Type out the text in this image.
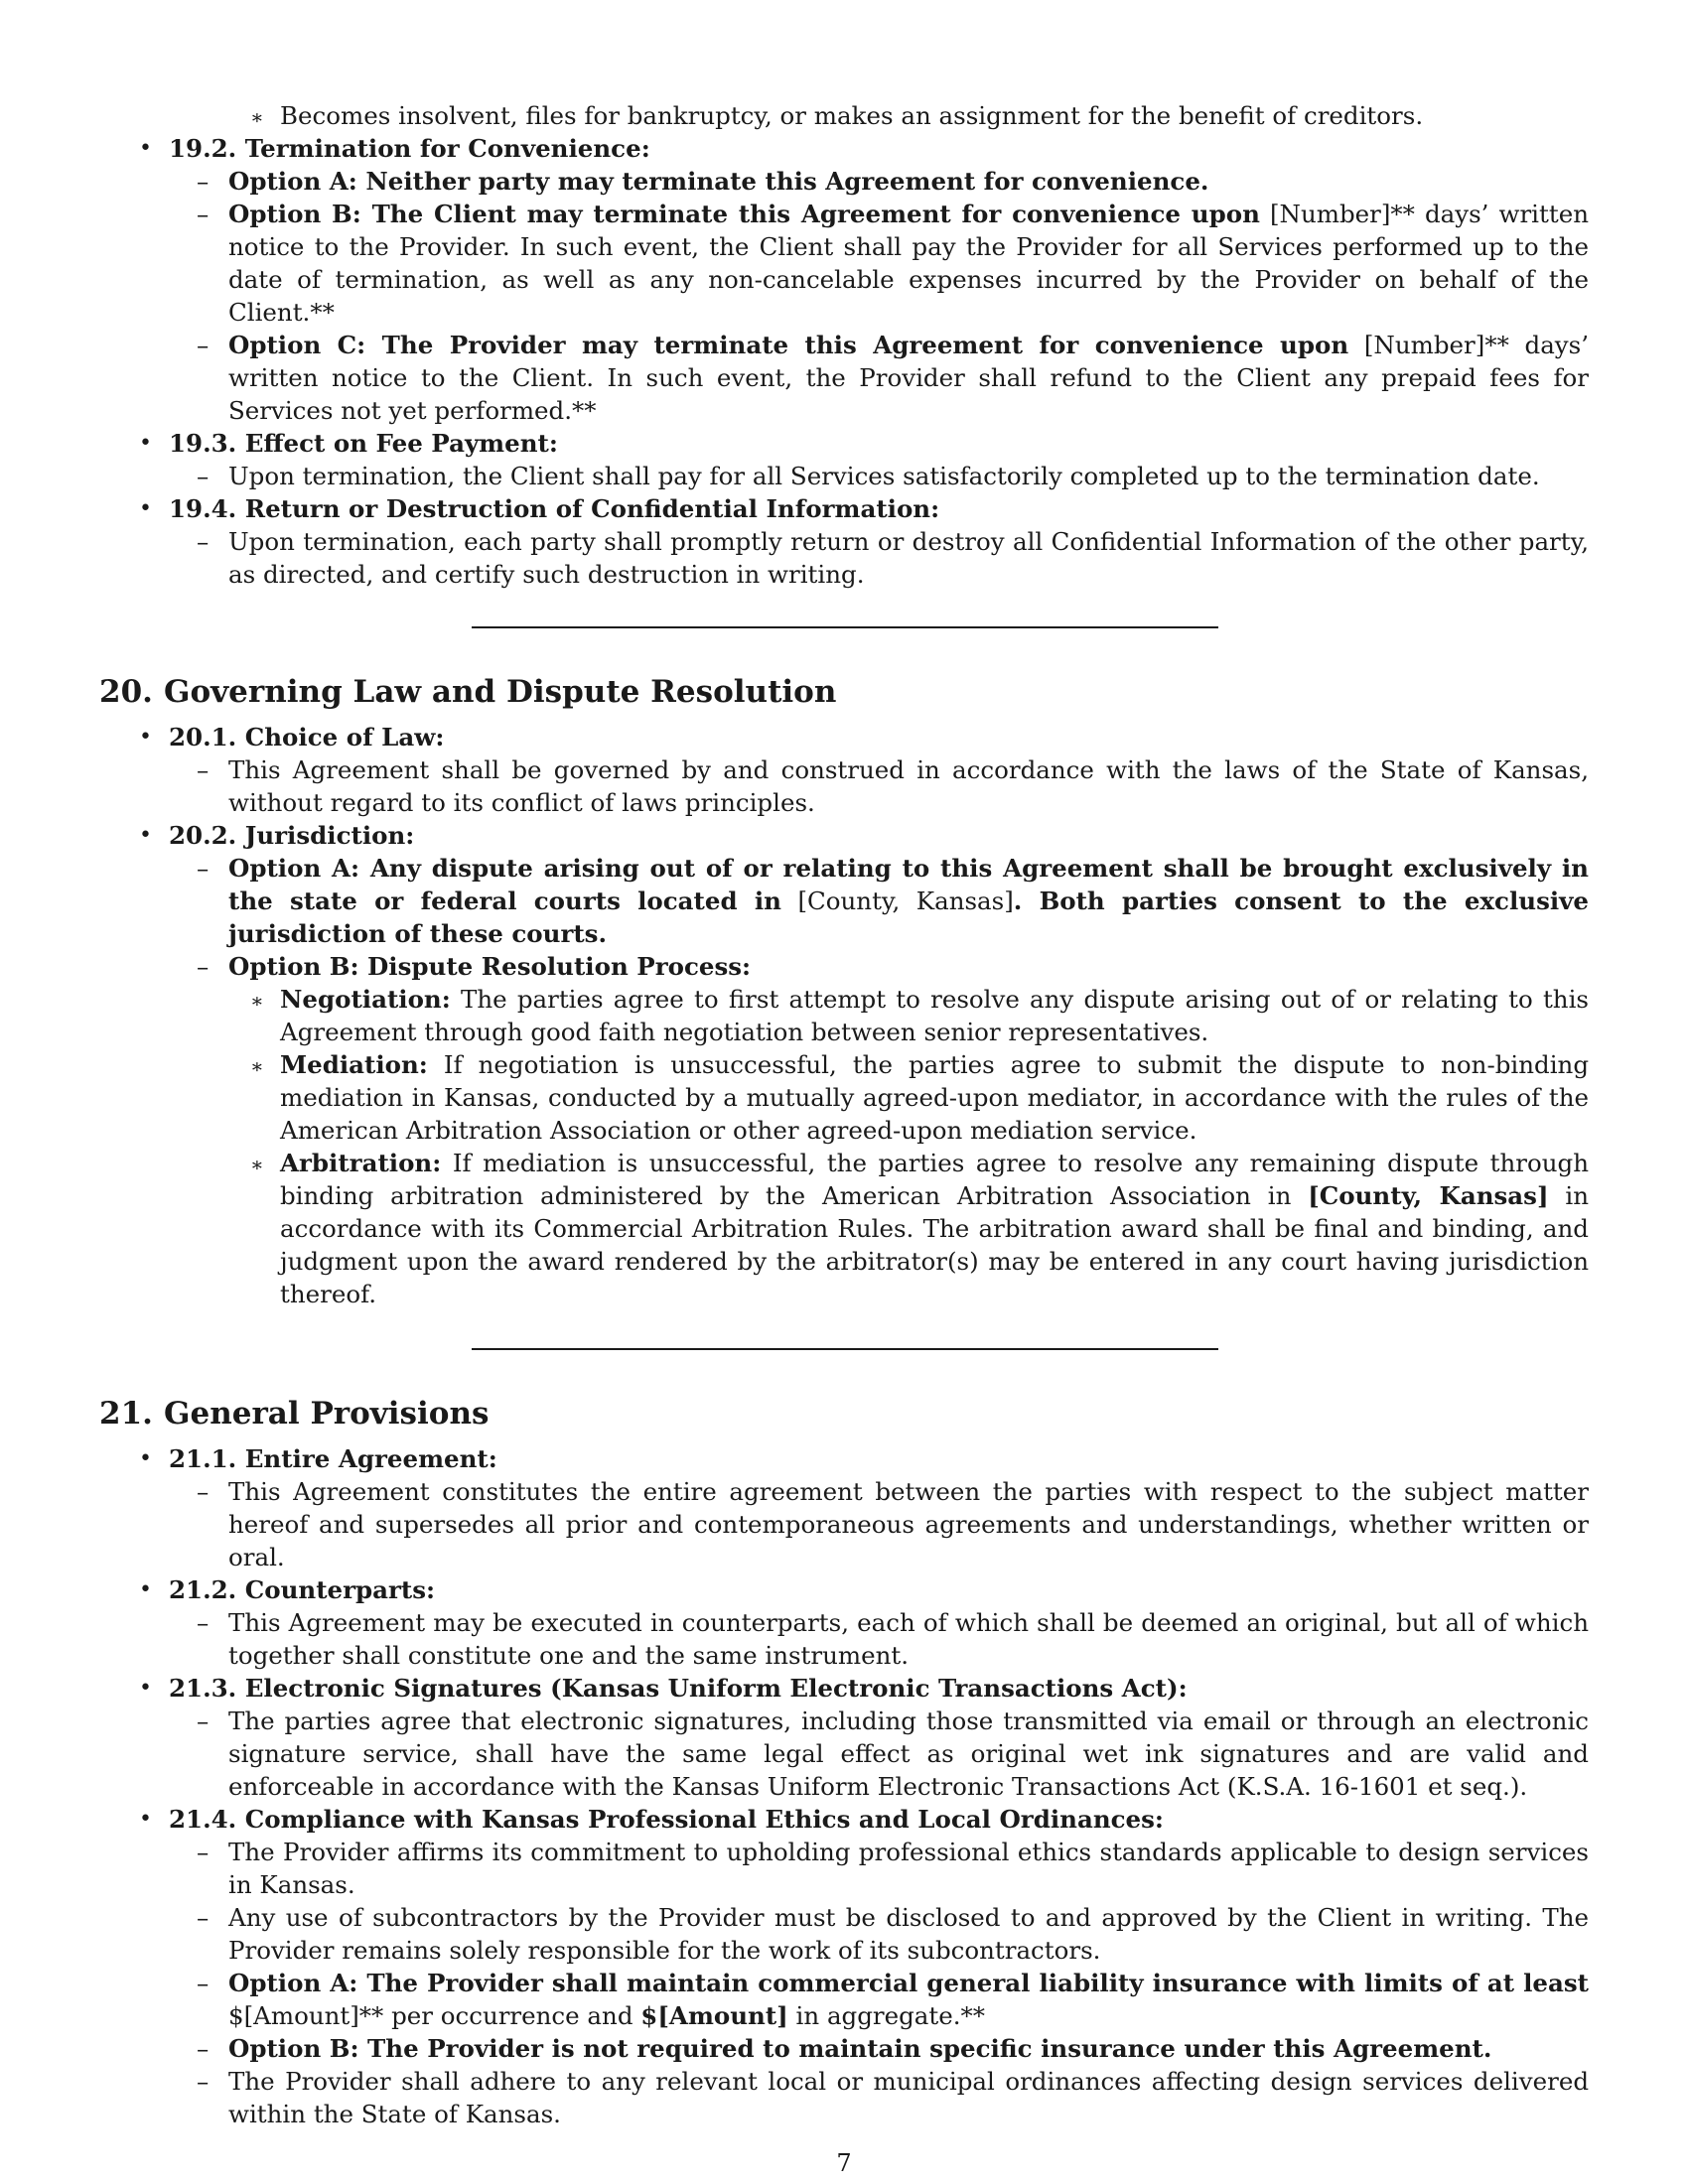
∗ Becomes insolvent, files for bankruptcy, or makes an assignment for the benefit of creditors.
• 19.2. Termination for Convenience:
– Option A: Neither party may terminate this Agreement for convenience.
– Option B: The Client may terminate this Agreement for convenience upon [Number]** days’ written notice to the Provider. In such event, the Client shall pay the Provider for all Services performed up to the date of termination, as well as any non-cancelable expenses incurred by the Provider on behalf of the Client.**
– Option C: The Provider may terminate this Agreement for convenience upon [Number]** days’ written notice to the Client. In such event, the Provider shall refund to the Client any prepaid fees for Services not yet performed.**
• 19.3. Effect on Fee Payment:
– Upon termination, the Client shall pay for all Services satisfactorily completed up to the termination date.
• 19.4. Return or Destruction of Confidential Information:
– Upon termination, each party shall promptly return or destroy all Confidential Information of the other party, as directed, and certify such destruction in writing.
20. Governing Law and Dispute Resolution
• 20.1. Choice of Law:
– This Agreement shall be governed by and construed in accordance with the laws of the State of Kansas, without regard to its conflict of laws principles.
• 20.2. Jurisdiction:
– Option A: Any dispute arising out of or relating to this Agreement shall be brought exclusively in the state or federal courts located in [County, Kansas]. Both parties consent to the exclusive jurisdiction of these courts.
– Option B: Dispute Resolution Process:
∗ Negotiation: The parties agree to first attempt to resolve any dispute arising out of or relating to this Agreement through good faith negotiation between senior representatives.
∗ Mediation: If negotiation is unsuccessful, the parties agree to submit the dispute to non-binding mediation in Kansas, conducted by a mutually agreed-upon mediator, in accordance with the rules of the American Arbitration Association or other agreed-upon mediation service.
∗ Arbitration: If mediation is unsuccessful, the parties agree to resolve any remaining dispute through binding arbitration administered by the American Arbitration Association in [County, Kansas] in accordance with its Commercial Arbitration Rules. The arbitration award shall be final and binding, and judgment upon the award rendered by the arbitrator(s) may be entered in any court having jurisdiction thereof.
21. General Provisions
• 21.1. Entire Agreement:
– This Agreement constitutes the entire agreement between the parties with respect to the subject matter hereof and supersedes all prior and contemporaneous agreements and understandings, whether written or oral.
• 21.2. Counterparts:
– This Agreement may be executed in counterparts, each of which shall be deemed an original, but all of which together shall constitute one and the same instrument.
• 21.3. Electronic Signatures (Kansas Uniform Electronic Transactions Act):
– The parties agree that electronic signatures, including those transmitted via email or through an electronic signature service, shall have the same legal effect as original wet ink signatures and are valid and enforceable in accordance with the Kansas Uniform Electronic Transactions Act (K.S.A. 16-1601 et seq.).
• 21.4. Compliance with Kansas Professional Ethics and Local Ordinances:
– The Provider affirms its commitment to upholding professional ethics standards applicable to design services in Kansas.
– Any use of subcontractors by the Provider must be disclosed to and approved by the Client in writing. The Provider remains solely responsible for the work of its subcontractors.
– Option A: The Provider shall maintain commercial general liability insurance with limits of at least $[Amount]** per occurrence and $[Amount] in aggregate.**
– Option B: The Provider is not required to maintain specific insurance under this Agreement.
– The Provider shall adhere to any relevant local or municipal ordinances affecting design services delivered within the State of Kansas.
7
